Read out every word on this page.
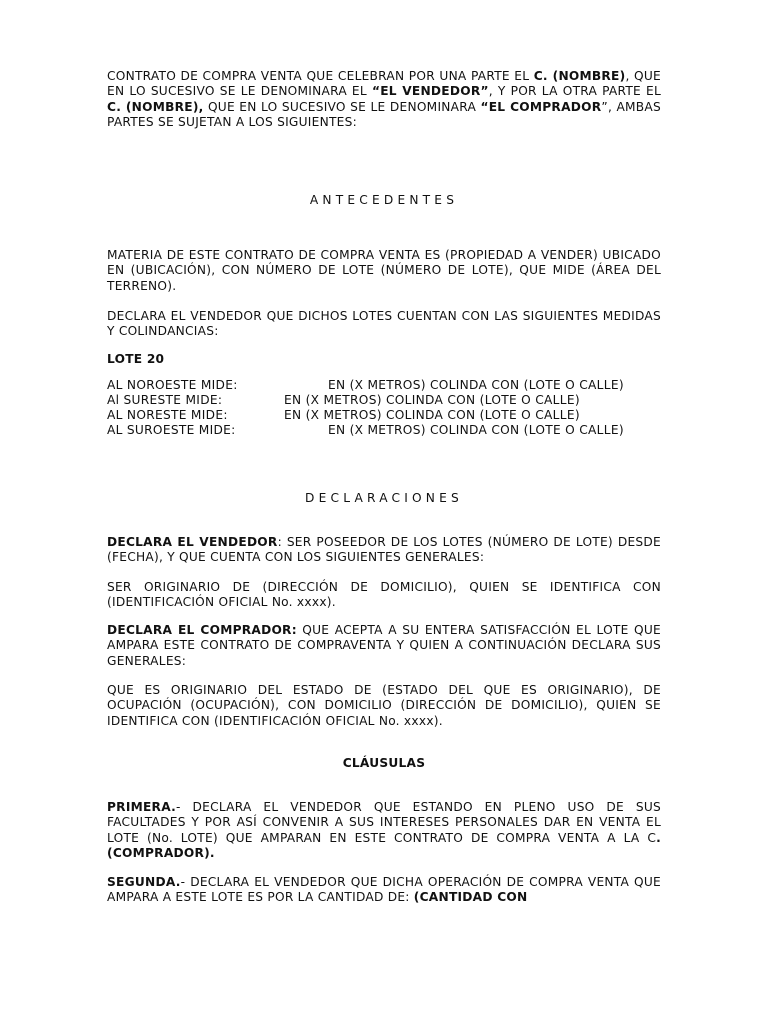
CONTRATO DE COMPRA VENTA QUE CELEBRAN POR UNA PARTE EL C. (NOMBRE), QUE EN LO SUCESIVO SE LE DENOMINARA EL “EL VENDEDOR”, Y POR LA OTRA PARTE EL C. (NOMBRE), QUE EN LO SUCESIVO SE LE DENOMINARA “EL COMPRADOR”, AMBAS PARTES SE SUJETAN A LOS SIGUIENTES:
ANTECEDENTES
MATERIA DE ESTE CONTRATO DE COMPRA VENTA ES (PROPIEDAD A VENDER) UBICADO EN (UBICACIÓN), CON NÚMERO DE LOTE (NÚMERO DE LOTE), QUE MIDE (ÁREA DEL TERRENO).
DECLARA EL VENDEDOR QUE DICHOS LOTES CUENTAN CON LAS SIGUIENTES MEDIDAS Y COLINDANCIAS:
LOTE 20
AL NOROESTE MIDE:	EN (X METROS) COLINDA CON (LOTE O CALLE)
Al SURESTE MIDE:	EN (X METROS) COLINDA CON (LOTE O CALLE)
AL NORESTE MIDE:	EN (X METROS) COLINDA CON (LOTE O CALLE)
AL SUROESTE MIDE:	EN (X METROS) COLINDA CON (LOTE O CALLE)
DECLARACIONES
DECLARA EL VENDEDOR: SER POSEEDOR DE LOS LOTES (NÚMERO DE LOTE) DESDE (FECHA), Y QUE CUENTA CON LOS SIGUIENTES GENERALES:
SER ORIGINARIO DE (DIRECCIÓN DE DOMICILIO), QUIEN SE IDENTIFICA CON (IDENTIFICACIÓN OFICIAL No. xxxx).
DECLARA EL COMPRADOR: QUE ACEPTA A SU ENTERA SATISFACCIÓN EL LOTE QUE AMPARA ESTE CONTRATO DE COMPRAVENTA Y QUIEN A CONTINUACIÓN DECLARA SUS GENERALES:
QUE ES ORIGINARIO DEL ESTADO DE (ESTADO DEL QUE ES ORIGINARIO), DE OCUPACIÓN (OCUPACIÓN), CON DOMICILIO (DIRECCIÓN DE DOMICILIO), QUIEN SE IDENTIFICA CON (IDENTIFICACIÓN OFICIAL No. xxxx).
CLÁUSULAS
PRIMERA.- DECLARA EL VENDEDOR QUE ESTANDO EN PLENO USO DE SUS FACULTADES Y POR ASÍ CONVENIR A SUS INTERESES PERSONALES DAR EN VENTA EL LOTE (No. LOTE) QUE AMPARAN EN ESTE CONTRATO DE COMPRA VENTA A LA C. (COMPRADOR).
SEGUNDA.- DECLARA EL VENDEDOR QUE DICHA OPERACIÓN DE COMPRA VENTA QUE AMPARA A ESTE LOTE ES POR LA CANTIDAD DE: (CANTIDAD CON
